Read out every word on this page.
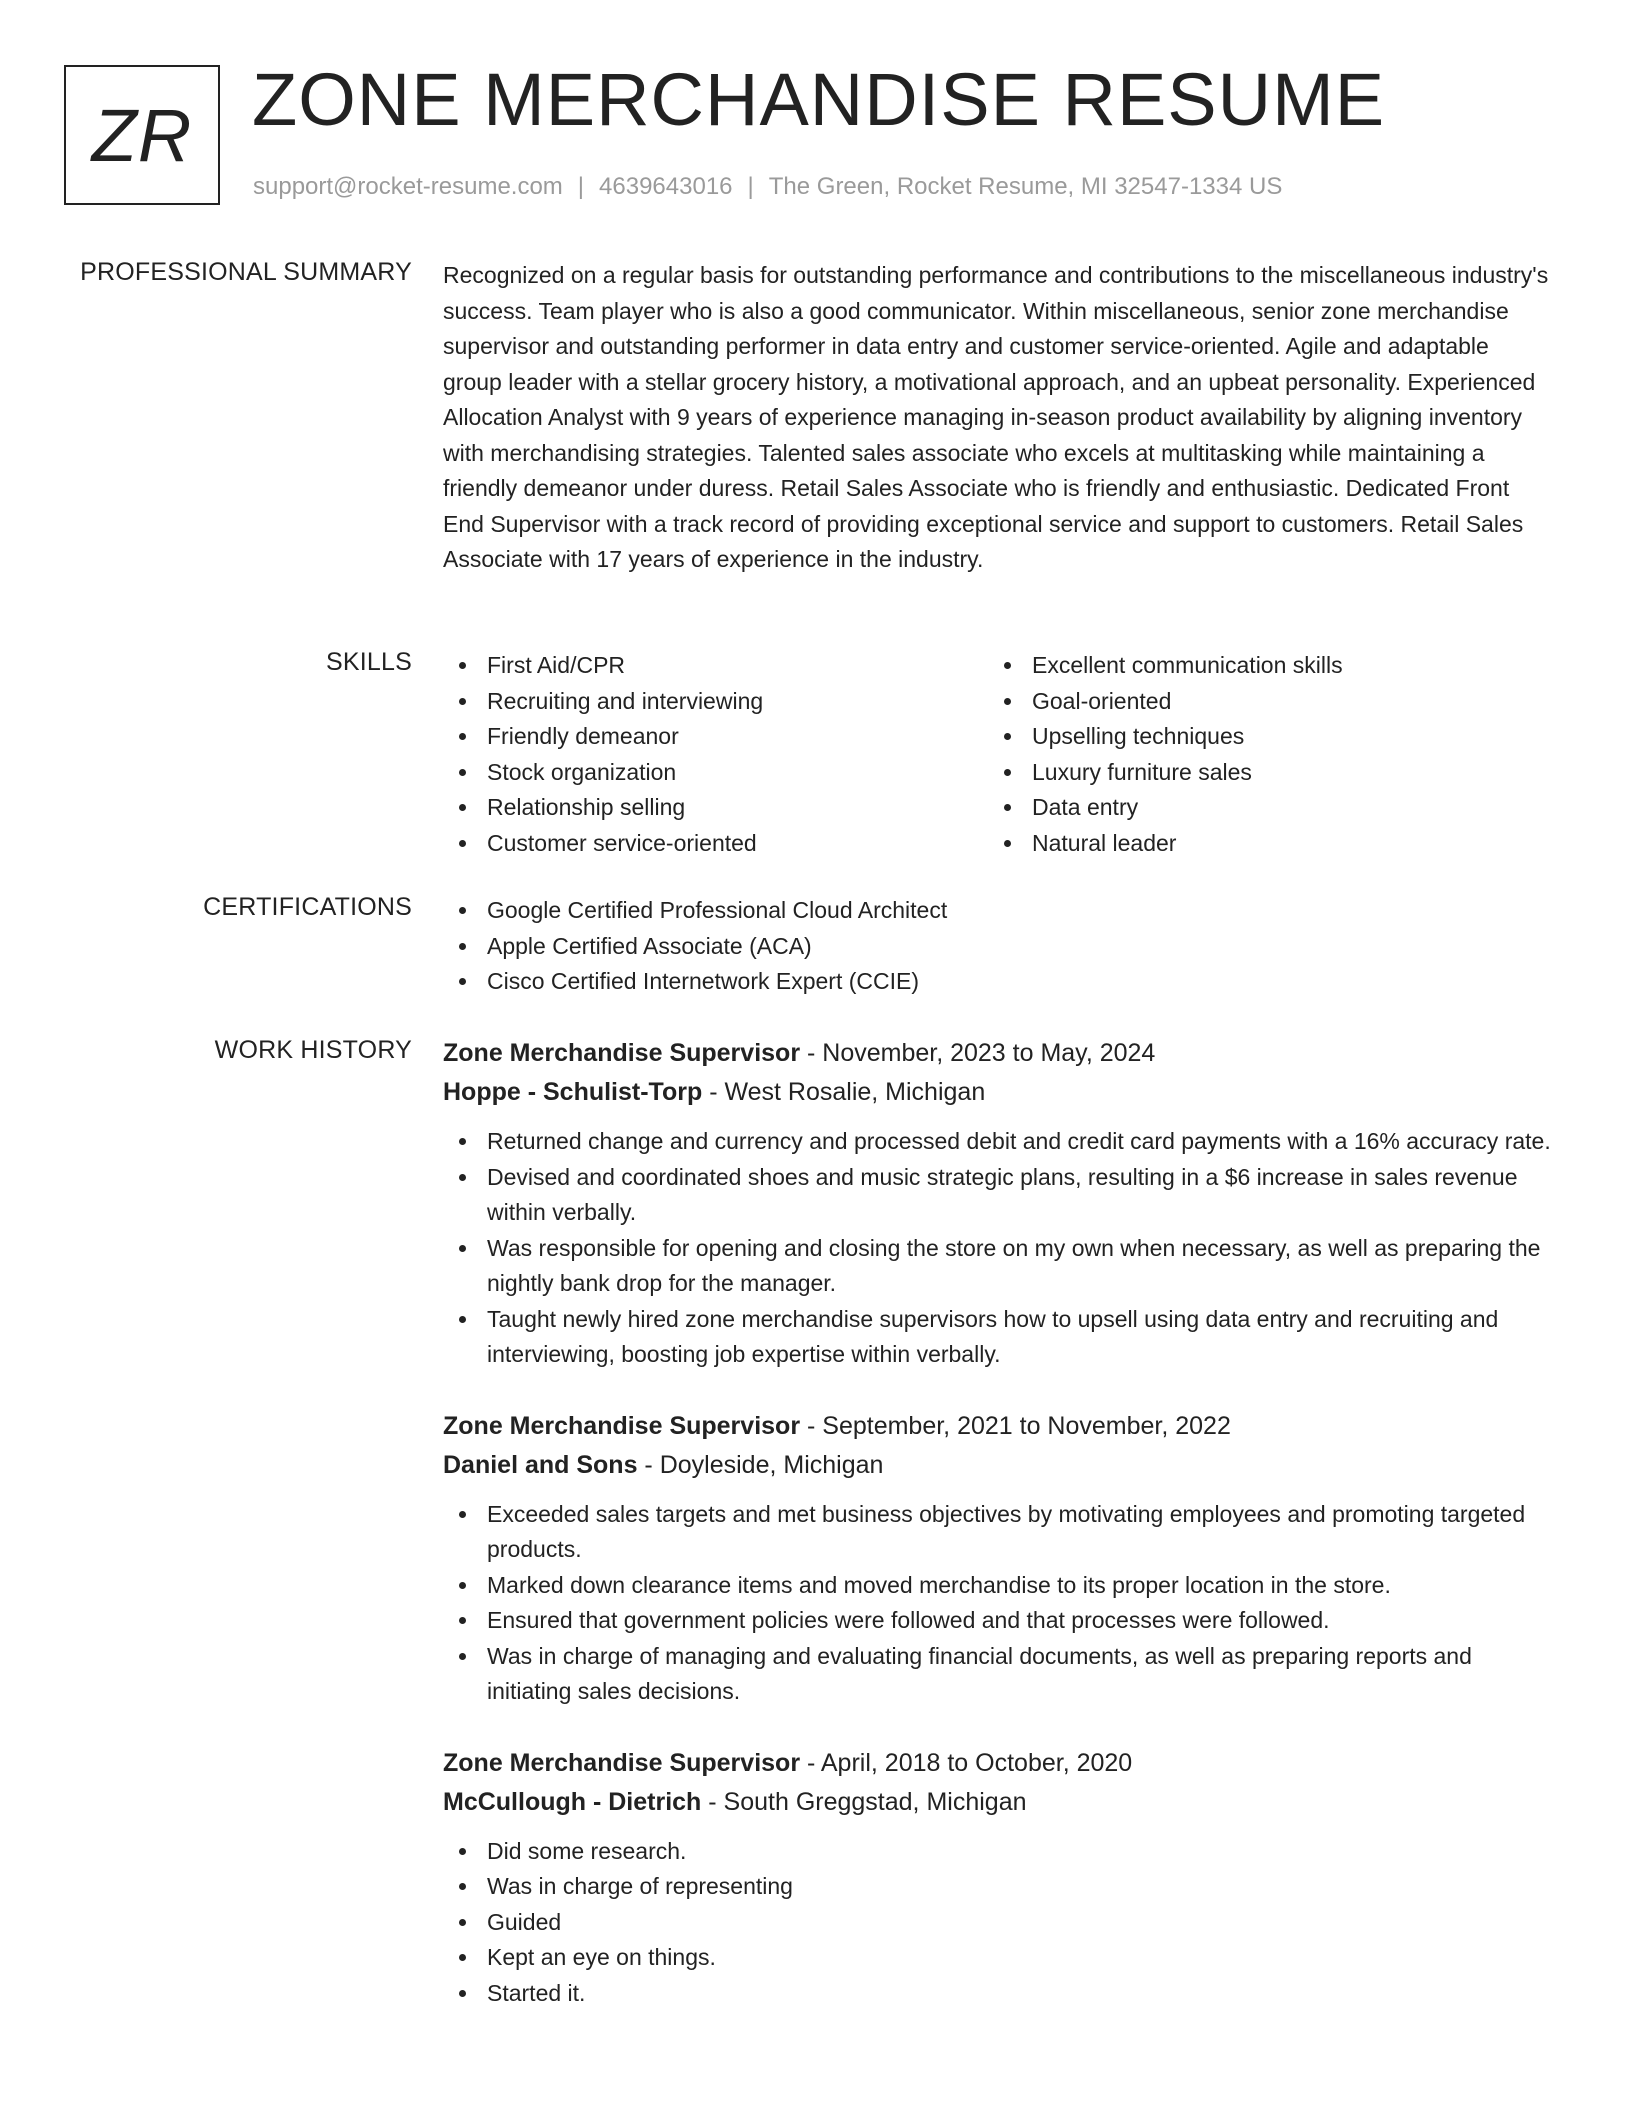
ZR ZONE MERCHANDISE RESUME
support@rocket-resume.com | 4639643016 | The Green, Rocket Resume, MI 32547-1334 US
PROFESSIONAL SUMMARY Recognized on a regular basis for outstanding performance and contributions to the miscellaneous industry's success. Team player who is also a good communicator. Within miscellaneous, senior zone merchandise supervisor and outstanding performer in data entry and customer service-oriented. Agile and adaptable group leader with a stellar grocery history, a motivational approach, and an upbeat personality. Experienced Allocation Analyst with 9 years of experience managing in-season product availability by aligning inventory with merchandising strategies. Talented sales associate who excels at multitasking while maintaining a friendly demeanor under duress. Retail Sales Associate who is friendly and enthusiastic. Dedicated Front End Supervisor with a track record of providing exceptional service and support to customers. Retail Sales Associate with 17 years of experience in the industry.

SKILLS	First Aid/CPR
Recruiting and interviewing
Friendly demeanor
Stock organization
Relationship selling
Customer service-oriented
Excellent communication skills
Goal-oriented
Upselling techniques
Luxury furniture sales
Data entry
Natural leader
CERTIFICATIONS	Google Certified Professional Cloud Architect
Apple Certified Associate (ACA)
Cisco Certified Internetwork Expert (CCIE)
WORK HISTORY Zone Merchandise Supervisor - November, 2023 to May, 2024
Hoppe - Schulist-Torp - West Rosalie, Michigan
Returned change and currency and processed debit and credit card payments with a 16% accuracy rate.
Devised and coordinated shoes and music strategic plans, resulting in a $6 increase in sales revenue within verbally.
Was responsible for opening and closing the store on my own when necessary, as well as preparing the nightly bank drop for the manager.
Taught newly hired zone merchandise supervisors how to upsell using data entry and recruiting and interviewing, boosting job expertise within verbally.
Zone Merchandise Supervisor - September, 2021 to November, 2022
Daniel and Sons - Doyleside, Michigan
Exceeded sales targets and met business objectives by motivating employees and promoting targeted products.
Marked down clearance items and moved merchandise to its proper location in the store.
Ensured that government policies were followed and that processes were followed.
Was in charge of managing and evaluating financial documents, as well as preparing reports and initiating sales decisions.
Zone Merchandise Supervisor - April, 2018 to October, 2020
McCullough - Dietrich - South Greggstad, Michigan
Did some research.
Was in charge of representing
Guided
Kept an eye on things.
Started it.
